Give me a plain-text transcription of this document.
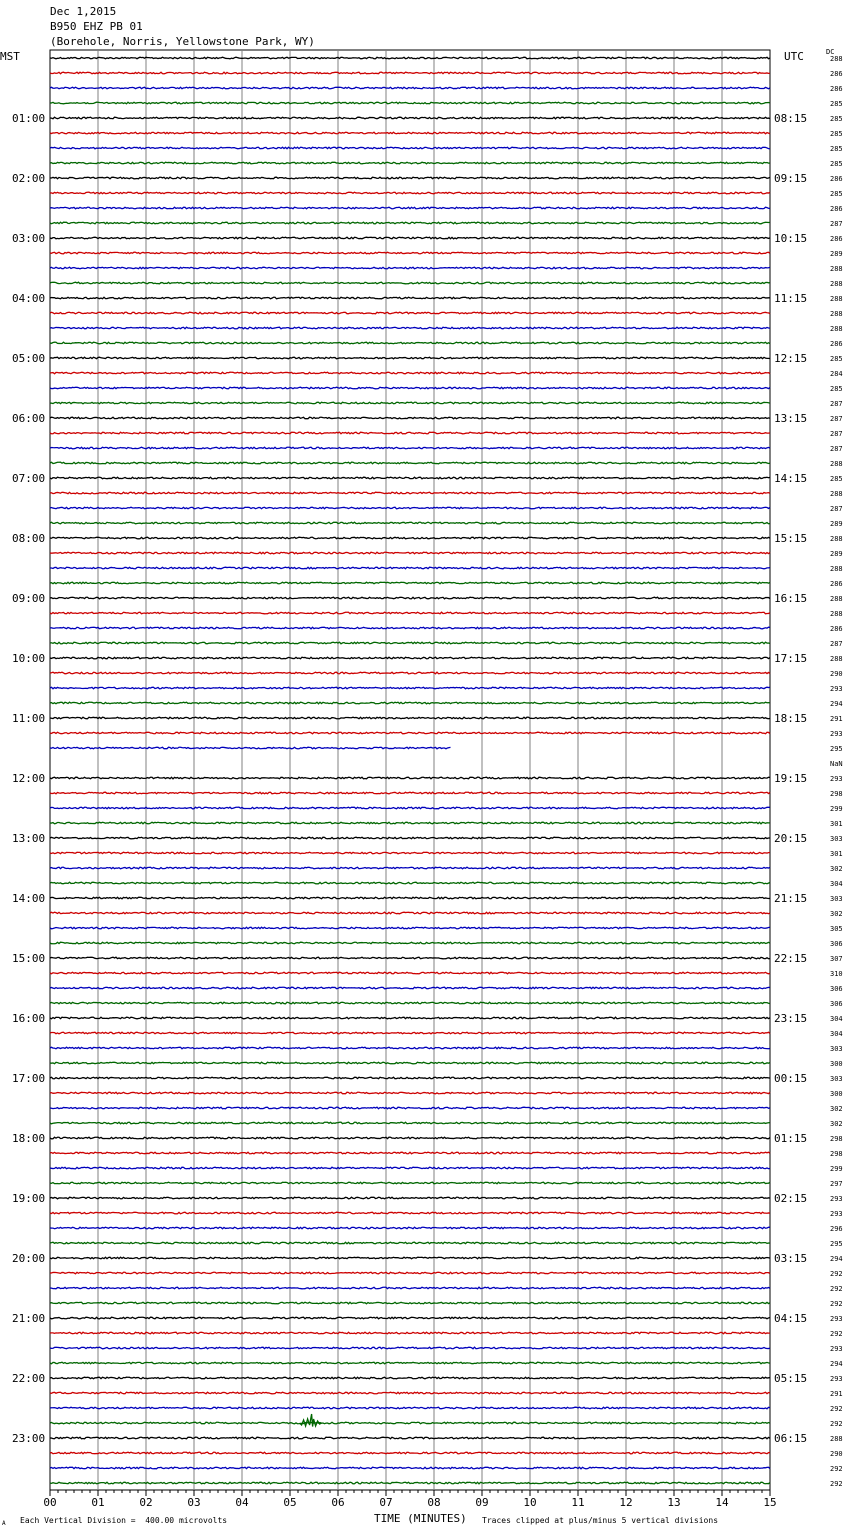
288
286
286
285
285
285
285
285
286
285
286
287
286
289
288
288
288
288
288
286
285
284
285
287
287
287
287
288
285
288
287
289
288
289
288
286
288
288
286
287
288
290
293
294
291
293
295
NaN
293
298
299
301
303
301
302
304
303
302
305
306
307
310
306
306
304
304
303
300
303
300
302
302
298
298
299
297
293
293
296
295
294
292
292
292
293
292
293
294
293
291
292
292
288
290
292
292
01:00
02:00
03:00
04:00
05:00
06:00
07:00
08:00
09:00
10:00
11:00
12:00
13:00
14:00
15:00
16:00
17:00
18:00
19:00
20:00
21:00
22:00
23:00
08:15
09:15
10:15
11:15
12:15
13:15
14:15
15:15
16:15
17:15
18:15
19:15
20:15
21:15
22:15
23:15
00:15
01:15
02:15
03:15
04:15
05:15
06:15
00	01	02	03	04	05	06	07	08	09	10	11	12	13	14	15
Dec 1,2015
B950 EHZ PB 01
(Borehole, Norris, Yellowstone Park, WY)
MST	UTC	DC
TIME (MINUTES)
A Each Vertical Division =  400.00 microvolts	Traces clipped at plus/minus 5 vertical divisions
